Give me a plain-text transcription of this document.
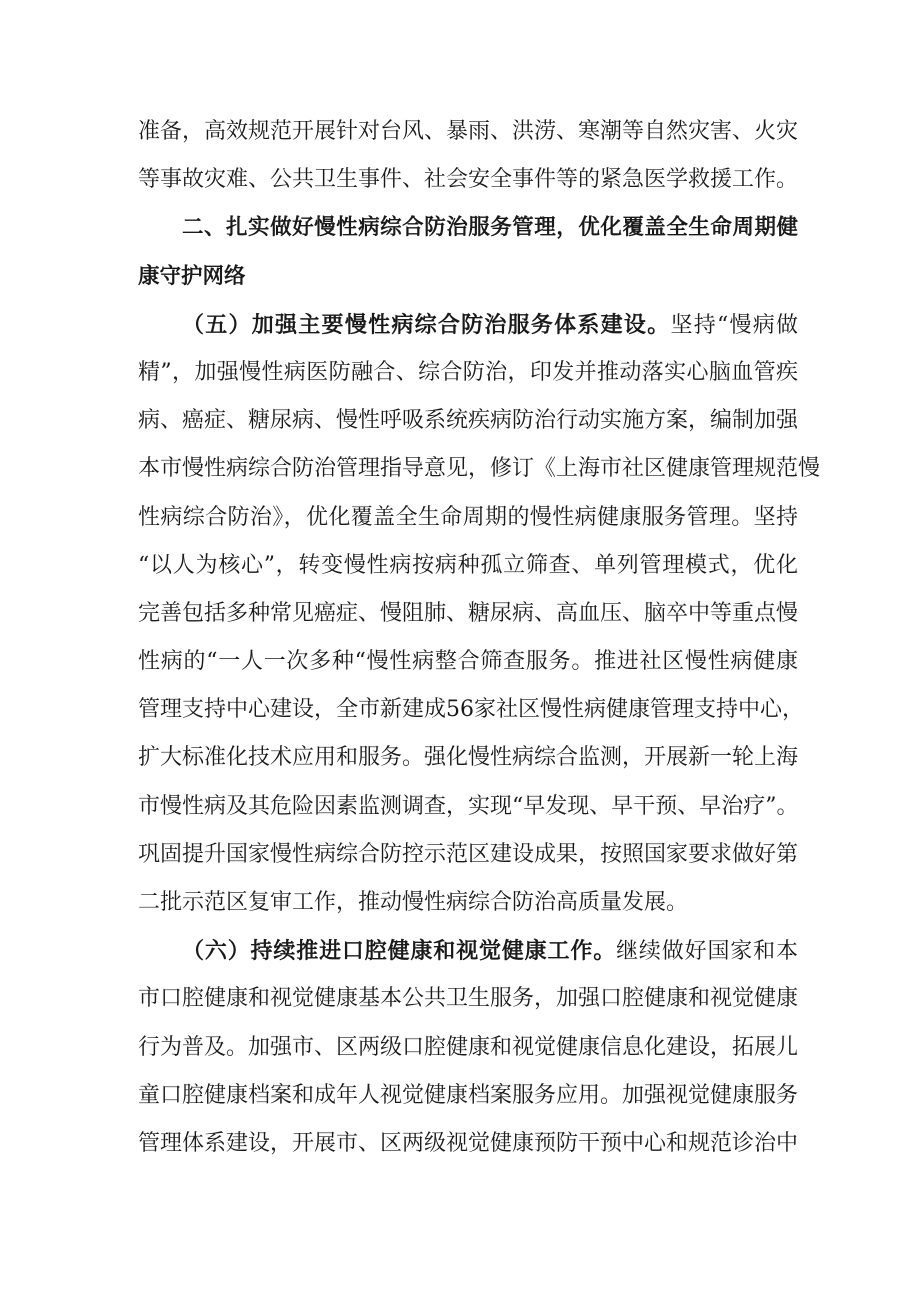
准备，高效规范开展针对台风、暴雨、洪涝、寒潮等自然灾害、火灾
等事故灾难、公共卫生事件、社会安全事件等的紧急医学救援工作。
二、扎实做好慢性病综合防治服务管理，优化覆盖全生命周期健
康守护网络
（五）加强主要慢性病综合防治服务体系建设。坚持“慢病做
精”，加强慢性病医防融合、综合防治，印发并推动落实心脑血管疾
病、癌症、糖尿病、慢性呼吸系统疾病防治行动实施方案，编制加强
本市慢性病综合防治管理指导意见，修订《上海市社区健康管理规范慢
性病综合防治》，优化覆盖全生命周期的慢性病健康服务管理。坚持
“以人为核心”，转变慢性病按病种孤立筛查、单列管理模式，优化
完善包括多种常见癌症、慢阻肺、糖尿病、高血压、脑卒中等重点慢
性病的“一人一次多种“慢性病整合筛查服务。推进社区慢性病健康
管理支持中心建设，全市新建成56家社区慢性病健康管理支持中心，
扩大标准化技术应用和服务。强化慢性病综合监测，开展新一轮上海
市慢性病及其危险因素监测调查，实现“早发现、早干预、早治疗”。
巩固提升国家慢性病综合防控示范区建设成果，按照国家要求做好第
二批示范区复审工作，推动慢性病综合防治高质量发展。
（六）持续推进口腔健康和视觉健康工作。继续做好国家和本
市口腔健康和视觉健康基本公共卫生服务，加强口腔健康和视觉健康
行为普及。加强市、区两级口腔健康和视觉健康信息化建设，拓展儿
童口腔健康档案和成年人视觉健康档案服务应用。加强视觉健康服务
管理体系建设，开展市、区两级视觉健康预防干预中心和规范诊治中
